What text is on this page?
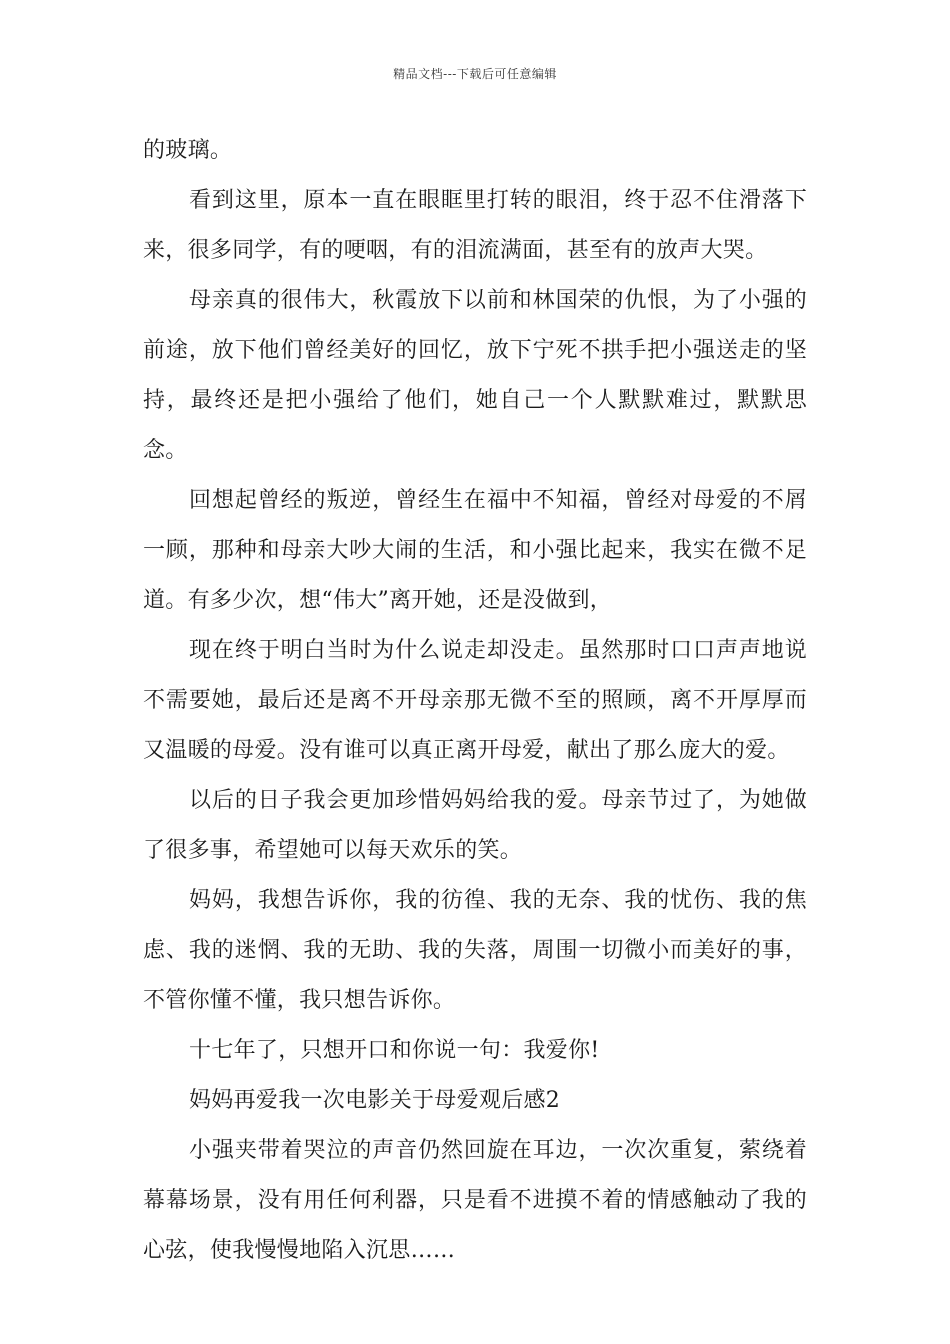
精品文档---下载后可任意编辑

的玻璃。

看到这里，原本一直在眼眶里打转的眼泪，终于忍不住滑落下来，很多同学，有的哽咽，有的泪流满面，甚至有的放声大哭。

母亲真的很伟大，秋霞放下以前和林国荣的仇恨，为了小强的前途，放下他们曾经美好的回忆，放下宁死不拱手把小强送走的坚持，最终还是把小强给了他们，她自己一个人默默难过，默默思念。

回想起曾经的叛逆，曾经生在福中不知福，曾经对母爱的不屑一顾，那种和母亲大吵大闹的生活，和小强比起来，我实在微不足道。有多少次，想“伟大”离开她，还是没做到，

现在终于明白当时为什么说走却没走。虽然那时口口声声地说不需要她，最后还是离不开母亲那无微不至的照顾，离不开厚厚而又温暖的母爱。没有谁可以真正离开母爱，献出了那么庞大的爱。

以后的日子我会更加珍惜妈妈给我的爱。母亲节过了，为她做了很多事，希望她可以每天欢乐的笑。

妈妈，我想告诉你，我的彷徨、我的无奈、我的忧伤、我的焦虑、我的迷惘、我的无助、我的失落，周围一切微小而美好的事，不管你懂不懂，我只想告诉你。

十七年了，只想开口和你说一句：我爱你!

妈妈再爱我一次电影关于母爱观后感2

小强夹带着哭泣的声音仍然回旋在耳边，一次次重复，萦绕着幕幕场景，没有用任何利器，只是看不进摸不着的情感触动了我的心弦，使我慢慢地陷入沉思……
